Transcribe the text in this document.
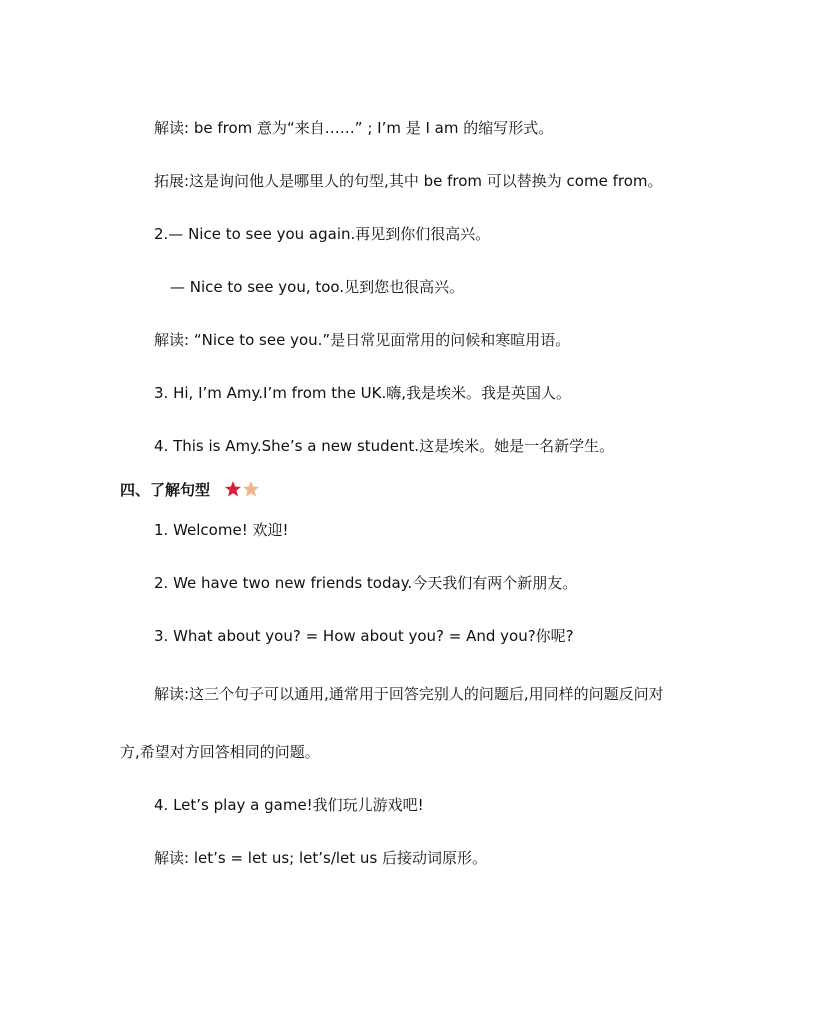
解读: be from 意为“来自……” ; I’m 是 I am 的缩写形式。

拓展:这是询问他人是哪里人的句型,其中 be from 可以替换为 come from。

2.— Nice to see you again.再见到你们很高兴。

— Nice to see you, too.见到您也很高兴。

解读: “Nice to see you.”是日常见面常用的问候和寒暄用语。

3. Hi, I’m Amy.I’m from the UK.嗨,我是埃米。我是英国人。

4. This is Amy.She’s a new student.这是埃米。她是一名新学生。

四、了解句型

1. Welcome! 欢迎!

2. We have two new friends today.今天我们有两个新朋友。

3. What about you? = How about you? = And you?你呢?

解读:这三个句子可以通用,通常用于回答完别人的问题后,用同样的问题反问对

方,希望对方回答相同的问题。

4. Let’s play a game!我们玩儿游戏吧!

解读: let’s = let us; let’s/let us 后接动词原形。
